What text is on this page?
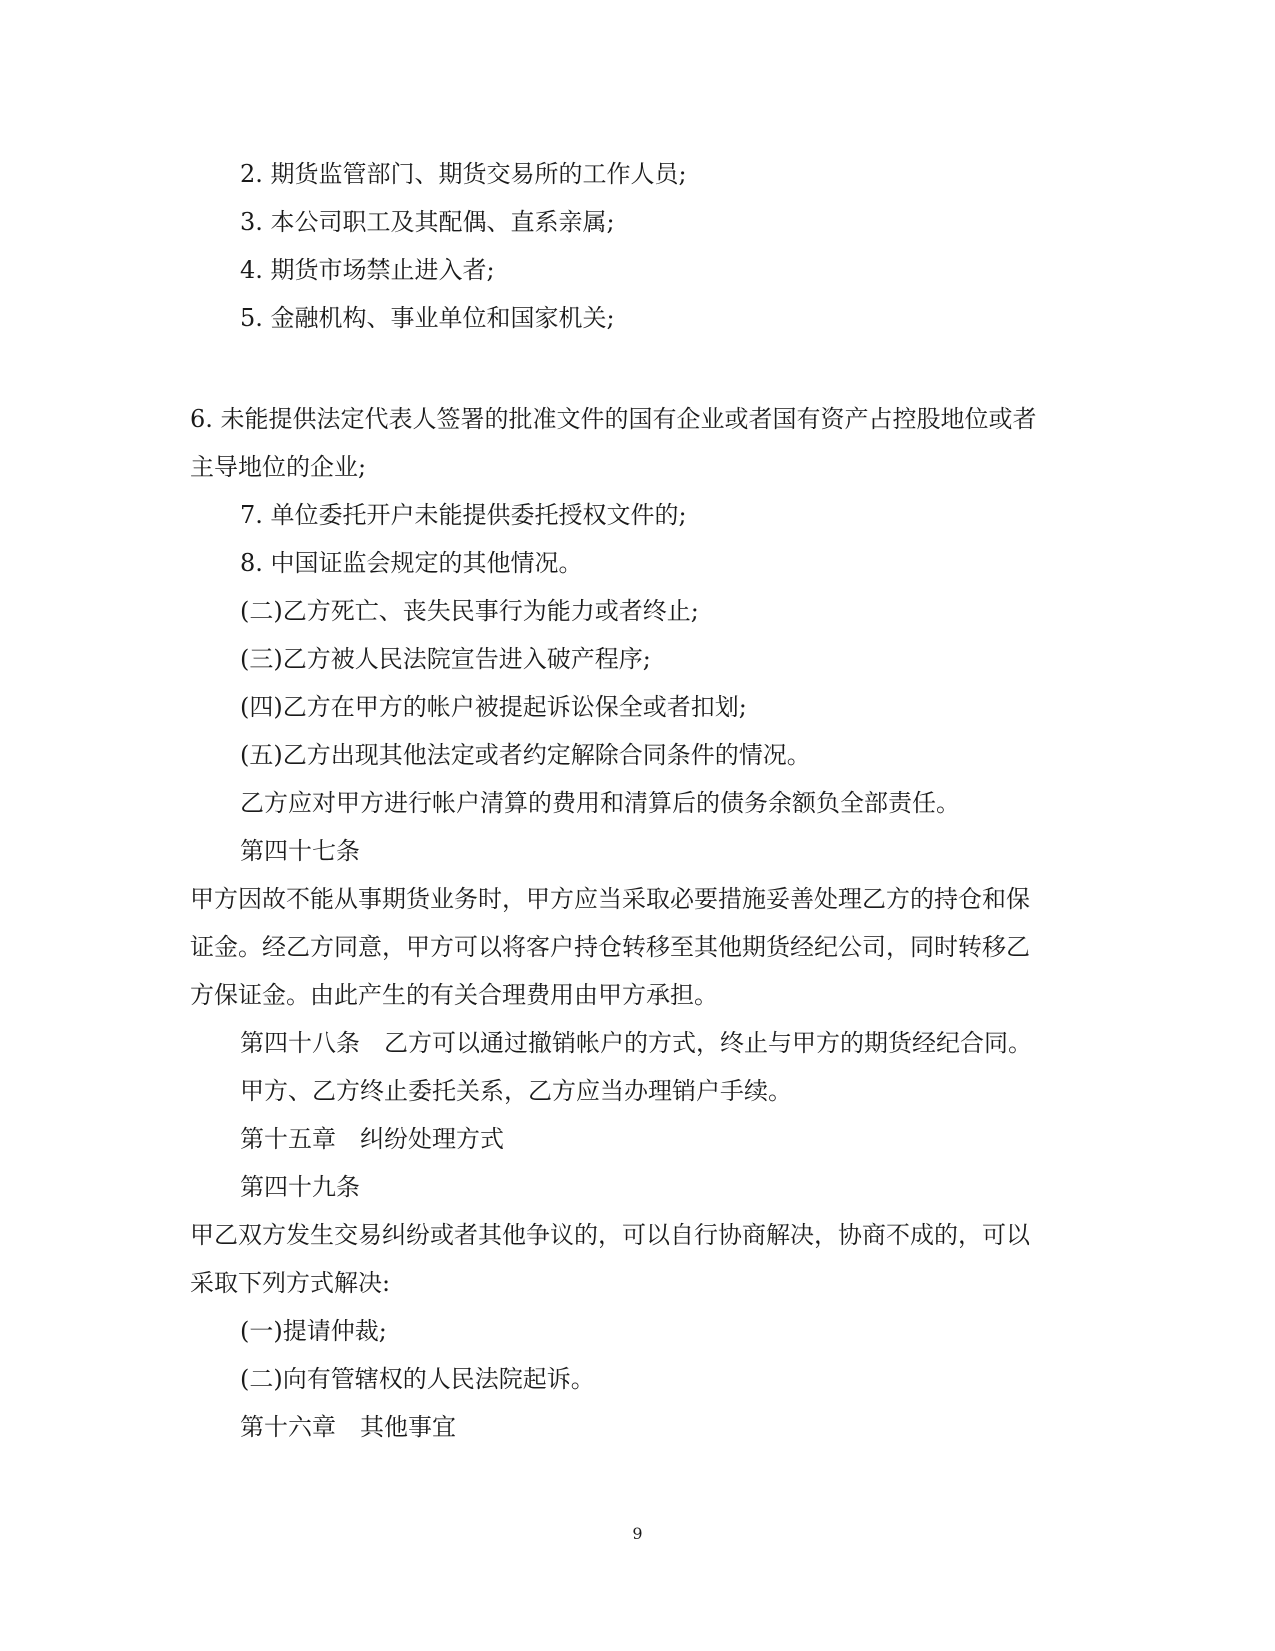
2. 期货监管部门、期货交易所的工作人员;
3. 本公司职工及其配偶、直系亲属;
4. 期货市场禁止进入者;
5. 金融机构、事业单位和国家机关;
6. 未能提供法定代表人签署的批准文件的国有企业或者国有资产占控股地位或者
主导地位的企业;
7. 单位委托开户未能提供委托授权文件的;
8. 中国证监会规定的其他情况。
(二)乙方死亡、丧失民事行为能力或者终止;
(三)乙方被人民法院宣告进入破产程序;
(四)乙方在甲方的帐户被提起诉讼保全或者扣划;
(五)乙方出现其他法定或者约定解除合同条件的情况。
乙方应对甲方进行帐户清算的费用和清算后的债务余额负全部责任。
第四十七条
甲方因故不能从事期货业务时，甲方应当采取必要措施妥善处理乙方的持仓和保
证金。经乙方同意，甲方可以将客户持仓转移至其他期货经纪公司，同时转移乙
方保证金。由此产生的有关合理费用由甲方承担。
第四十八条　乙方可以通过撤销帐户的方式，终止与甲方的期货经纪合同。
甲方、乙方终止委托关系，乙方应当办理销户手续。
第十五章　纠纷处理方式
第四十九条
甲乙双方发生交易纠纷或者其他争议的，可以自行协商解决，协商不成的，可以
采取下列方式解决:
(一)提请仲裁;
(二)向有管辖权的人民法院起诉。
第十六章　其他事宜
9
